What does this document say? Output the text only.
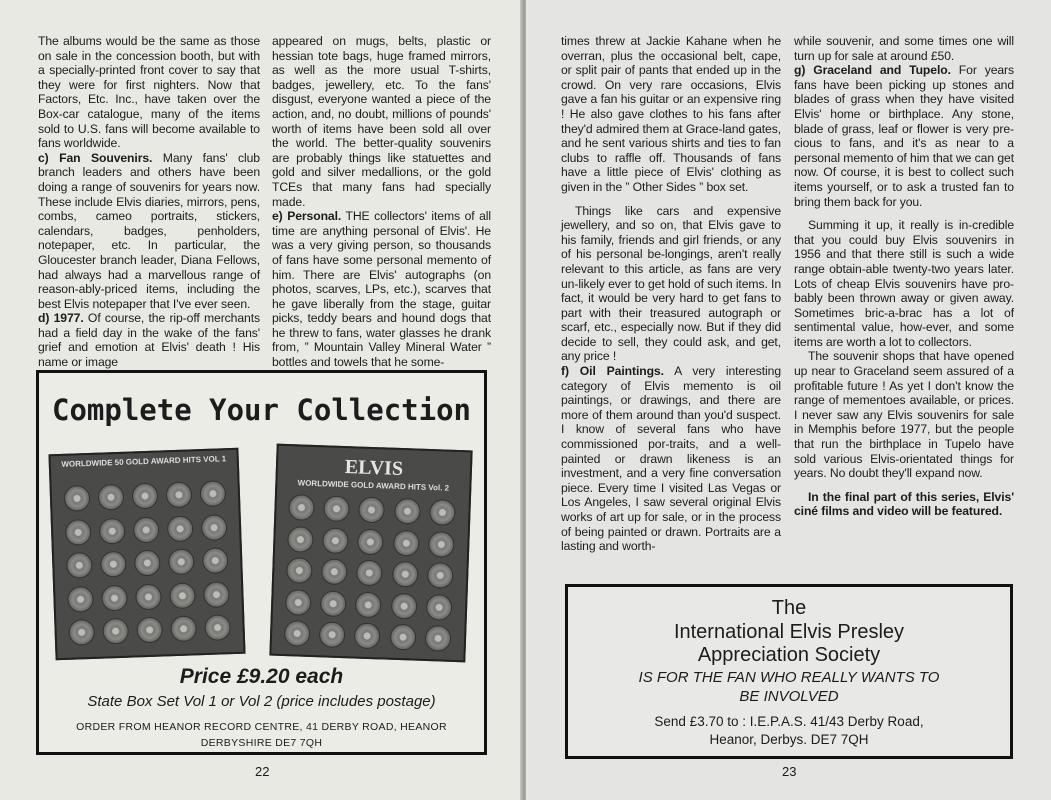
The albums would be the same as those on sale in the concession booth, but with a specially-printed front cover to say that they were for first nighters. Now that Factors, Etc. Inc., have taken over the Box-car catalogue, many of the items sold to U.S. fans will become available to fans worldwide.

c) Fan Souvenirs. Many fans' club branch leaders and others have been doing a range of souvenirs for years now. These include Elvis diaries, mirrors, pens, combs, cameo portraits, stickers, calendars, badges, penholders, notepaper, etc. In particular, the Gloucester branch leader, Diana Fellows, had always had a marvellous range of reason-ably-priced items, including the best Elvis notepaper that I've ever seen.

d) 1977. Of course, the rip-off merchants had a field day in the wake of the fans' grief and emotion at Elvis' death ! His name or image

appeared on mugs, belts, plastic or hessian tote bags, huge framed mirrors, as well as the more usual T-shirts, badges, jewellery, etc. To the fans' disgust, everyone wanted a piece of the action, and, no doubt, millions of pounds' worth of items have been sold all over the world. The better-quality souvenirs are probably things like statuettes and gold and silver medallions, or the gold TCEs that many fans had specially made.

e) Personal. THE collectors' items of all time are anything personal of Elvis'. He was a very giving person, so thousands of fans have some personal memento of him. There are Elvis' autographs (on photos, scarves, LPs, etc.), scarves that he gave liberally from the stage, guitar picks, teddy bears and hound dogs that he threw to fans, water glasses he drank from, ” Mountain Valley Mineral Water ” bottles and towels that he some-

Complete Your Collection
WORLDWIDE 50 GOLD AWARD HITS VOL 1
WORLDWIDE GOLD AWARD HITS Vol. 2
ELVIS
Price £9.20 each
State Box Set Vol 1 or Vol 2 (price includes postage)
ORDER FROM HEANOR RECORD CENTRE, 41 DERBY ROAD, HEANOR
DERBYSHIRE DE7 7QH
22

times threw at Jackie Kahane when he overran, plus the occasional belt, cape, or split pair of pants that ended up in the crowd. On very rare occasions, Elvis gave a fan his guitar or an expensive ring ! He also gave clothes to his fans after they'd admired them at Grace-land gates, and he sent various shirts and ties to fan clubs to raffle off. Thousands of fans have a little piece of Elvis' clothing as given in the ” Other Sides ” box set.

Things like cars and expensive jewellery, and so on, that Elvis gave to his family, friends and girl friends, or any of his personal be-longings, aren't really relevant to this article, as fans are very un-likely ever to get hold of such items. In fact, it would be very hard to get fans to part with their treasured autograph or scarf, etc., especially now. But if they did decide to sell, they could ask, and get, any price !

f) Oil Paintings. A very interesting category of Elvis memento is oil paintings, or drawings, and there are more of them around than you'd suspect. I know of several fans who have commissioned por-traits, and a well-painted or drawn likeness is an investment, and a very fine conversation piece. Every time I visited Las Vegas or Los Angeles, I saw several original Elvis works of art up for sale, or in the process of being painted or drawn. Portraits are a lasting and worth-

while souvenir, and some times one will turn up for sale at around £50.

g) Graceland and Tupelo. For years fans have been picking up stones and blades of grass when they have visited Elvis' home or birthplace. Any stone, blade of grass, leaf or flower is very pre-cious to fans, and it's as near to a personal memento of him that we can get now. Of course, it is best to collect such items yourself, or to ask a trusted fan to bring them back for you.

Summing it up, it really is in-credible that you could buy Elvis souvenirs in 1956 and that there still is such a wide range obtain-able twenty-two years later. Lots of cheap Elvis souvenirs have pro-bably been thrown away or given away. Sometimes bric-a-brac has a lot of sentimental value, how-ever, and some items are worth a lot to collectors.

The souvenir shops that have opened up near to Graceland seem assured of a profitable future ! As yet I don't know the range of mementoes available, or prices. I never saw any Elvis souvenirs for sale in Memphis before 1977, but the people that run the birthplace in Tupelo have sold various Elvis-orientated things for years. No doubt they'll expand now.

In the final part of this series, Elvis' ciné films and video will be featured.

The
International Elvis Presley
Appreciation Society
IS FOR THE FAN WHO REALLY WANTS TO
BE INVOLVED
Send £3.70 to : I.E.P.A.S. 41/43 Derby Road,
Heanor, Derbys. DE7 7QH
23
